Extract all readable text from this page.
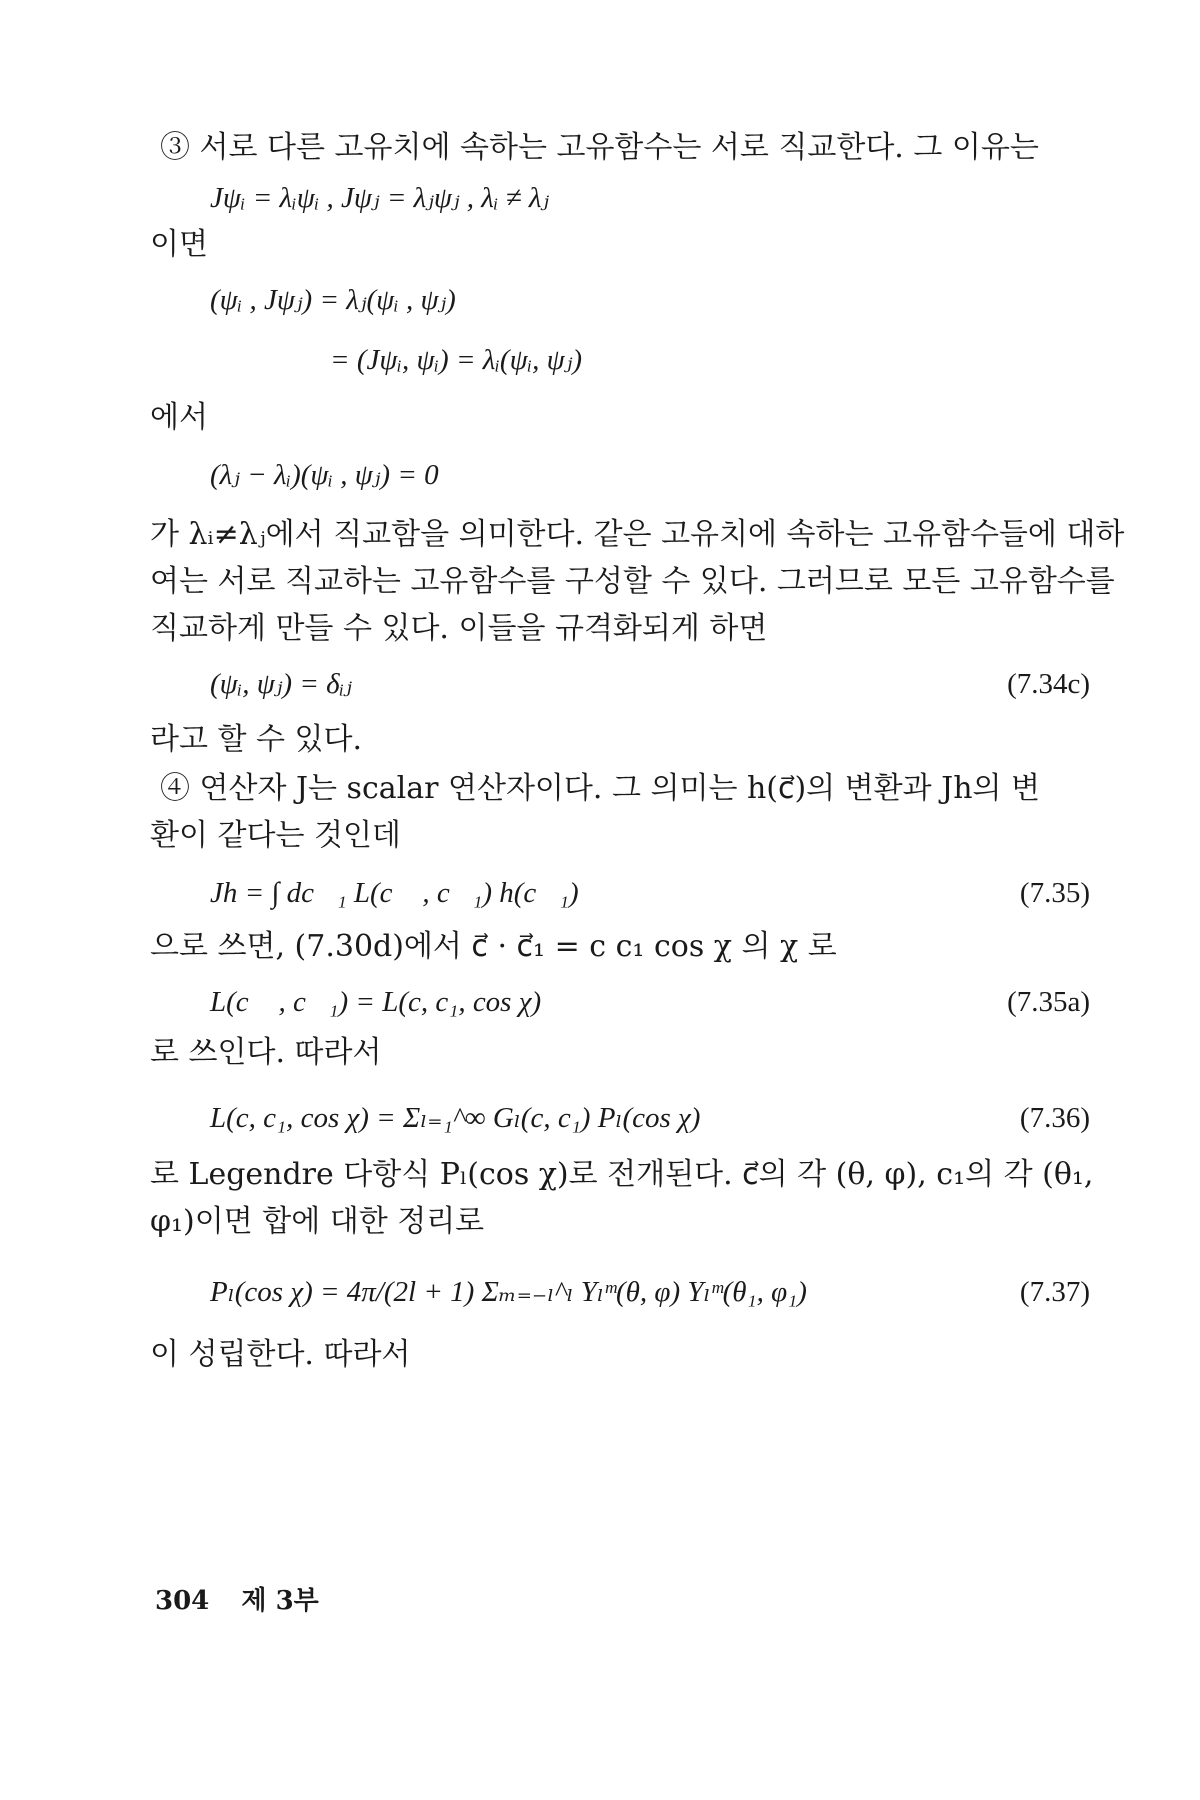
③ 서로 다른 고유치에 속하는 고유함수는 서로 직교한다. 그 이유는
Jψᵢ = λᵢψᵢ , Jψⱼ = λⱼψⱼ , λᵢ ≠ λⱼ
이면
(ψᵢ , Jψⱼ) = λⱼ(ψᵢ , ψⱼ)
= (Jψᵢ, ψᵢ) = λᵢ(ψᵢ, ψⱼ)
에서
(λⱼ − λᵢ)(ψᵢ , ψⱼ) = 0
가 λᵢ≠λⱼ에서 직교함을 의미한다. 같은 고유치에 속하는 고유함수들에 대하
여는 서로 직교하는 고유함수를 구성할 수 있다. 그러므로 모든 고유함수를
직교하게 만들 수 있다. 이들을 규격화되게 하면
(ψᵢ, ψⱼ) = δᵢⱼ	(7.34c)
라고 할 수 있다.
④ 연산자 J는 scalar 연산자이다. 그 의미는 h(c⃗)의 변환과 Jh의 변
환이 같다는 것인데
Jh = ∫ dc⃗₁ L(c⃗ , c⃗₁) h(c⃗₁)	(7.35)
으로 쓰면, (7.30d)에서 c⃗ · c⃗₁ = c c₁ cos χ 의 χ 로
L(c⃗ , c⃗₁) = L(c, c₁, cos χ)	(7.35a)
로 쓰인다. 따라서
L(c, c₁, cos χ) = Σₗ₌₁^∞ Gₗ(c, c₁) Pₗ(cos χ)	(7.36)
로 Legendre 다항식 Pₗ(cos χ)로 전개된다. c⃗의 각 (θ, φ), c₁의 각 (θ₁,
φ₁)이면 합에 대한 정리로
Pₗ(cos χ) = 4π/(2l + 1) Σₘ₌₋ₗ^ₗ Yₗᵐ(θ, φ) Yₗᵐ(θ₁, φ₁)	(7.37)
이 성립한다. 따라서
304 제 3부
